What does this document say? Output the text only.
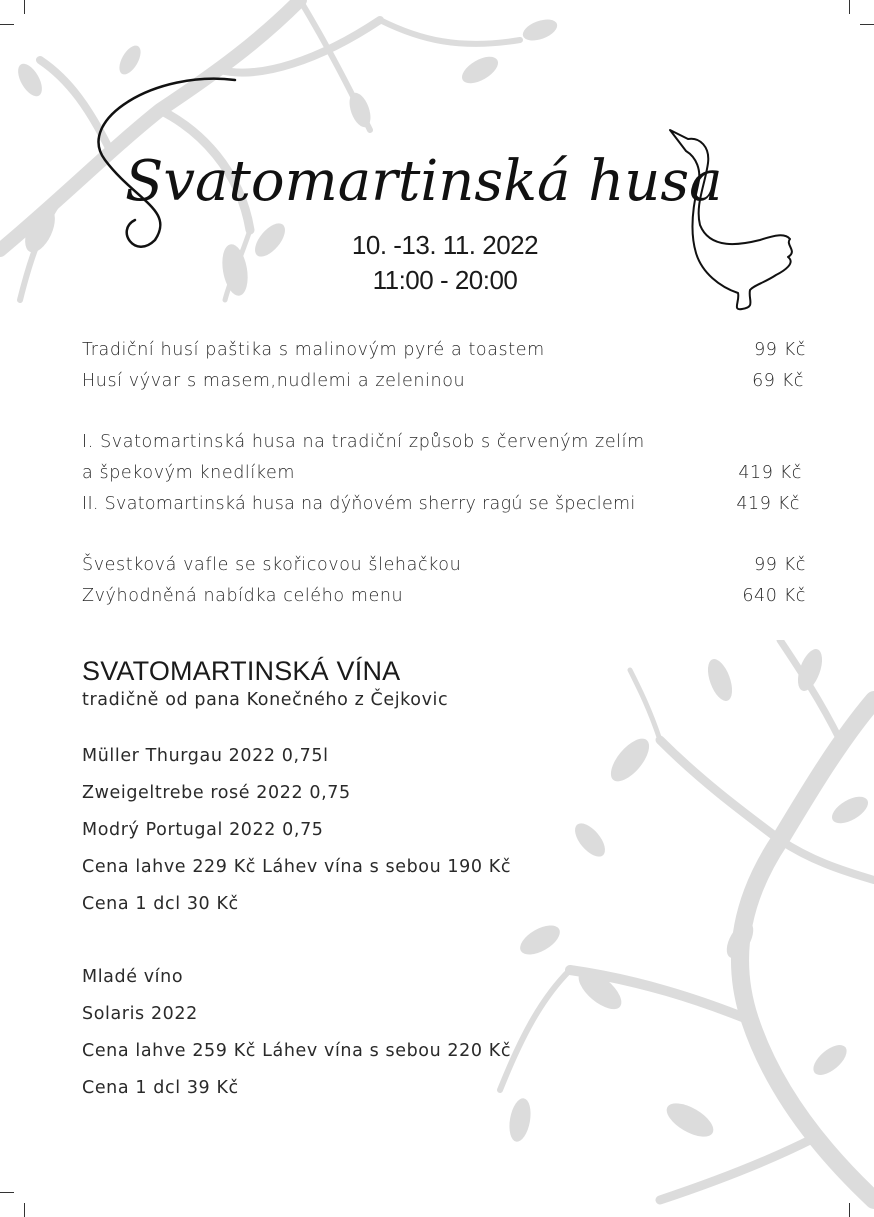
Svatomartinská husa
10. -13. 11. 2022
11:00 - 20:00
Tradiční husí paštika s malinovým pyré a toastem	99 Kč
Husí vývar s masem,nudlemi a zeleninou	69 Kč
I. Svatomartinská husa na tradiční způsob s červeným zelím
a špekovým knedlíkem	419 Kč
II. Svatomartinská husa na dýňovém sherry ragú se špeclemi	419 Kč
Švestková vafle se skořicovou šlehačkou	99 Kč
Zvýhodněná nabídka celého menu	640 Kč
SVATOMARTINSKÁ VÍNA
tradičně od pana Konečného z Čejkovic
Müller Thurgau 2022 0,75l
Zweigeltrebe rosé 2022 0,75
Modrý Portugal 2022 0,75
Cena lahve 229 Kč Láhev vína s sebou 190 Kč
Cena 1 dcl 30 Kč
Mladé víno
Solaris 2022
Cena lahve 259 Kč Láhev vína s sebou 220 Kč
Cena 1 dcl 39 Kč
